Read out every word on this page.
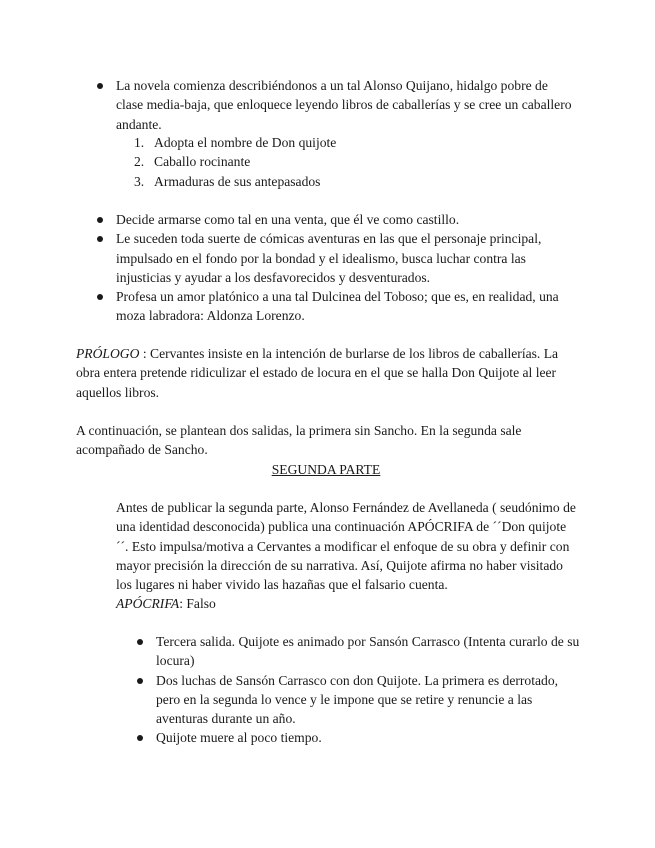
La novela comienza describiéndonos a un tal Alonso Quijano, hidalgo pobre de clase media-baja, que enloquece leyendo libros de caballerías y se cree un caballero andante.
1. Adopta el nombre de Don quijote
2. Caballo rocinante
3. Armaduras de sus antepasados
Decide armarse como tal en una venta, que él ve como castillo.
Le suceden toda suerte de cómicas aventuras en las que el personaje principal, impulsado en el fondo por la bondad y el idealismo, busca luchar contra las injusticias y ayudar a los desfavorecidos y desventurados.
Profesa un amor platónico a una tal Dulcinea del Toboso; que es, en realidad, una moza labradora: Aldonza Lorenzo.

PRÓLOGO : Cervantes insiste en la intención de burlarse de los libros de caballerías. La obra entera pretende ridiculizar el estado de locura en el que se halla Don Quijote al leer aquellos libros.

A continuación, se plantean dos salidas, la primera sin Sancho. En la segunda sale acompañado de Sancho.

SEGUNDA PARTE

Antes de publicar la segunda parte, Alonso Fernández de Avellaneda ( seudónimo de una identidad desconocida) publica una continuación APÓCRIFA de ´´Don quijote´´. Esto impulsa/motiva a Cervantes a modificar el enfoque de su obra y definir con mayor precisión la dirección de su narrativa. Así, Quijote afirma no haber visitado los lugares ni haber vivido las hazañas que el falsario cuenta.

APÓCRIFA: Falso

Tercera salida. Quijote es animado por Sansón Carrasco (Intenta curarlo de su locura)
Dos luchas de Sansón Carrasco con don Quijote. La primera es derrotado, pero en la segunda lo vence y le impone que se retire y renuncie a las aventuras durante un año.
Quijote muere al poco tiempo.
